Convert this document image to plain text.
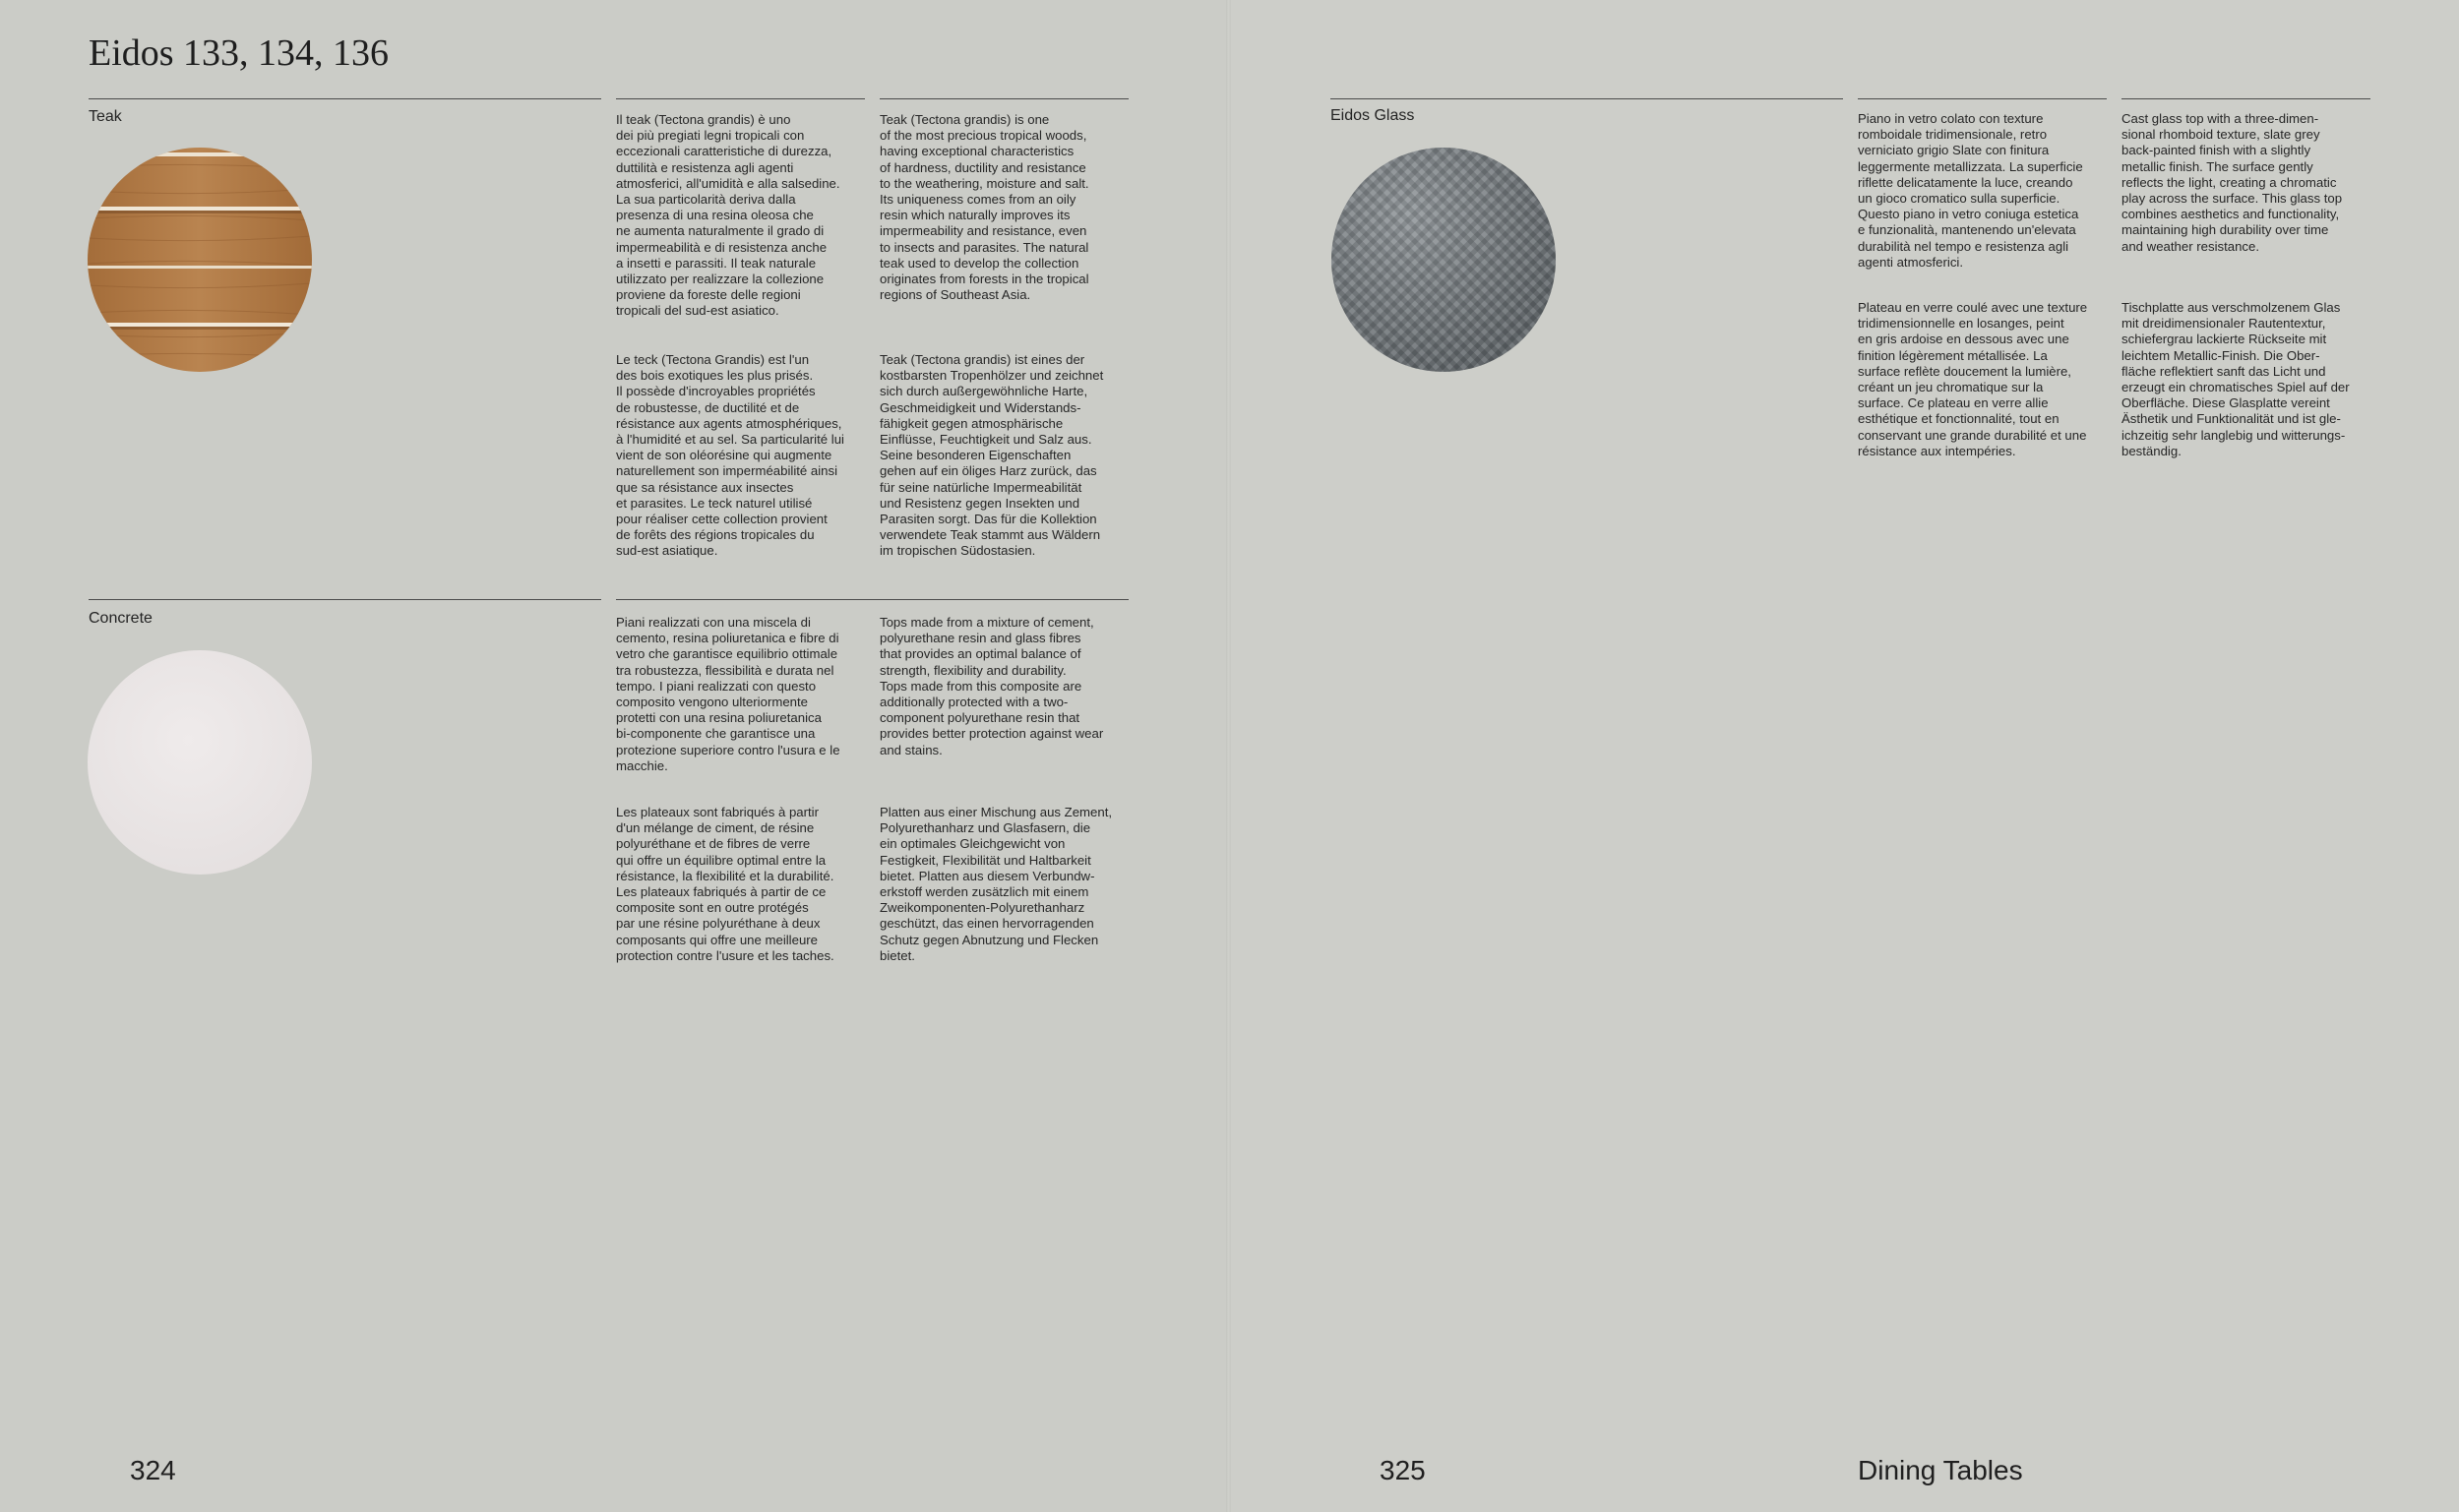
Eidos 133, 134, 136

Teak	Il teak (Tectona grandis) è uno
dei più pregiati legni tropicali con
eccezionali caratteristiche di durezza,
duttilità e resistenza agli agenti
atmosferici, all'umidità e alla salsedine.
La sua particolarità deriva dalla
presenza di una resina oleosa che
ne aumenta naturalmente il grado di
impermeabilità e di resistenza anche
a insetti e parassiti. Il teak naturale
utilizzato per realizzare la collezione
proviene da foreste delle regioni
tropicali del sud-est asiatico.

Teak (Tectona grandis) is one
of the most precious tropical woods,
having exceptional characteristics
of hardness, ductility and resistance
to the weathering, moisture and salt.
Its uniqueness comes from an oily
resin which naturally improves its
impermeability and resistance, even
to insects and parasites. The natural
teak used to develop the collection
originates from forests in the tropical
regions of Southeast Asia.

Le teck (Tectona Grandis) est l'un
des bois exotiques les plus prisés.
Il possède d'incroyables propriétés
de robustesse, de ductilité et de
résistance aux agents atmosphériques,
à l'humidité et au sel. Sa particularité lui
vient de son oléorésine qui augmente
naturellement son imperméabilité ainsi
que sa résistance aux insectes
et parasites. Le teck naturel utilisé
pour réaliser cette collection provient
de forêts des régions tropicales du
sud-est asiatique.

Teak (Tectona grandis) ist eines der
kostbarsten Tropenhölzer und zeichnet
sich durch außergewöhnliche Harte,
Geschmeidigkeit und Widerstands-
fähigkeit gegen atmosphärische
Einflüsse, Feuchtigkeit und Salz aus.
Seine besonderen Eigenschaften
gehen auf ein öliges Harz zurück, das
für seine natürliche Impermeabilität
und Resistenz gegen Insekten und
Parasiten sorgt. Das für die Kollektion
verwendete Teak stammt aus Wäldern
im tropischen Südostasien.

Concrete	Piani realizzati con una miscela di
cemento, resina poliuretanica e fibre di
vetro che garantisce equilibrio ottimale
tra robustezza, flessibilità e durata nel
tempo. I piani realizzati con questo
composito vengono ulteriormente
protetti con una resina poliuretanica
bi-componente che garantisce una
protezione superiore contro l'usura e le
macchie.

Tops made from a mixture of cement,
polyurethane resin and glass fibres
that provides an optimal balance of
strength, flexibility and durability.
Tops made from this composite are
additionally protected with a two-
component polyurethane resin that
provides better protection against wear
and stains.

Les plateaux sont fabriqués à partir
d'un mélange de ciment, de résine
polyuréthane et de fibres de verre
qui offre un équilibre optimal entre la
résistance, la flexibilité et la durabilité.
Les plateaux fabriqués à partir de ce
composite sont en outre protégés
par une résine polyuréthane à deux
composants qui offre une meilleure
protection contre l'usure et les taches.

Platten aus einer Mischung aus Zement,
Polyurethanharz und Glasfasern, die
ein optimales Gleichgewicht von
Festigkeit, Flexibilität und Haltbarkeit
bietet. Platten aus diesem Verbundw-
erkstoff werden zusätzlich mit einem
Zweikomponenten-Polyurethanharz
geschützt, das einen hervorragenden
Schutz gegen Abnutzung und Flecken
bietet.

Eidos Glass	Piano in vetro colato con texture
romboidale tridimensionale, retro
verniciato grigio Slate con finitura
leggermente metallizzata. La superficie
riflette delicatamente la luce, creando
un gioco cromatico sulla superficie.
Questo piano in vetro coniuga estetica
e funzionalità, mantenendo un'elevata
durabilità nel tempo e resistenza agli
agenti atmosferici.

Cast glass top with a three-dimen-
sional rhomboid texture, slate grey
back-painted finish with a slightly
metallic finish. The surface gently
reflects the light, creating a chromatic
play across the surface. This glass top
combines aesthetics and functionality,
maintaining high durability over time
and weather resistance.

Plateau en verre coulé avec une texture
tridimensionnelle en losanges, peint
en gris ardoise en dessous avec une
finition légèrement métallisée. La
surface reflète doucement la lumière,
créant un jeu chromatique sur la
surface. Ce plateau en verre allie
esthétique et fonctionnalité, tout en
conservant une grande durabilité et une
résistance aux intempéries.

Tischplatte aus verschmolzenem Glas
mit dreidimensionaler Rautentextur,
schiefergrau lackierte Rückseite mit
leichtem Metallic-Finish. Die Ober-
fläche reflektiert sanft das Licht und
erzeugt ein chromatisches Spiel auf der
Oberfläche. Diese Glasplatte vereint
Ästhetik und Funktionalität und ist gle-
ichzeitig sehr langlebig und witterungs-
beständig.

324	325	Dining Tables
